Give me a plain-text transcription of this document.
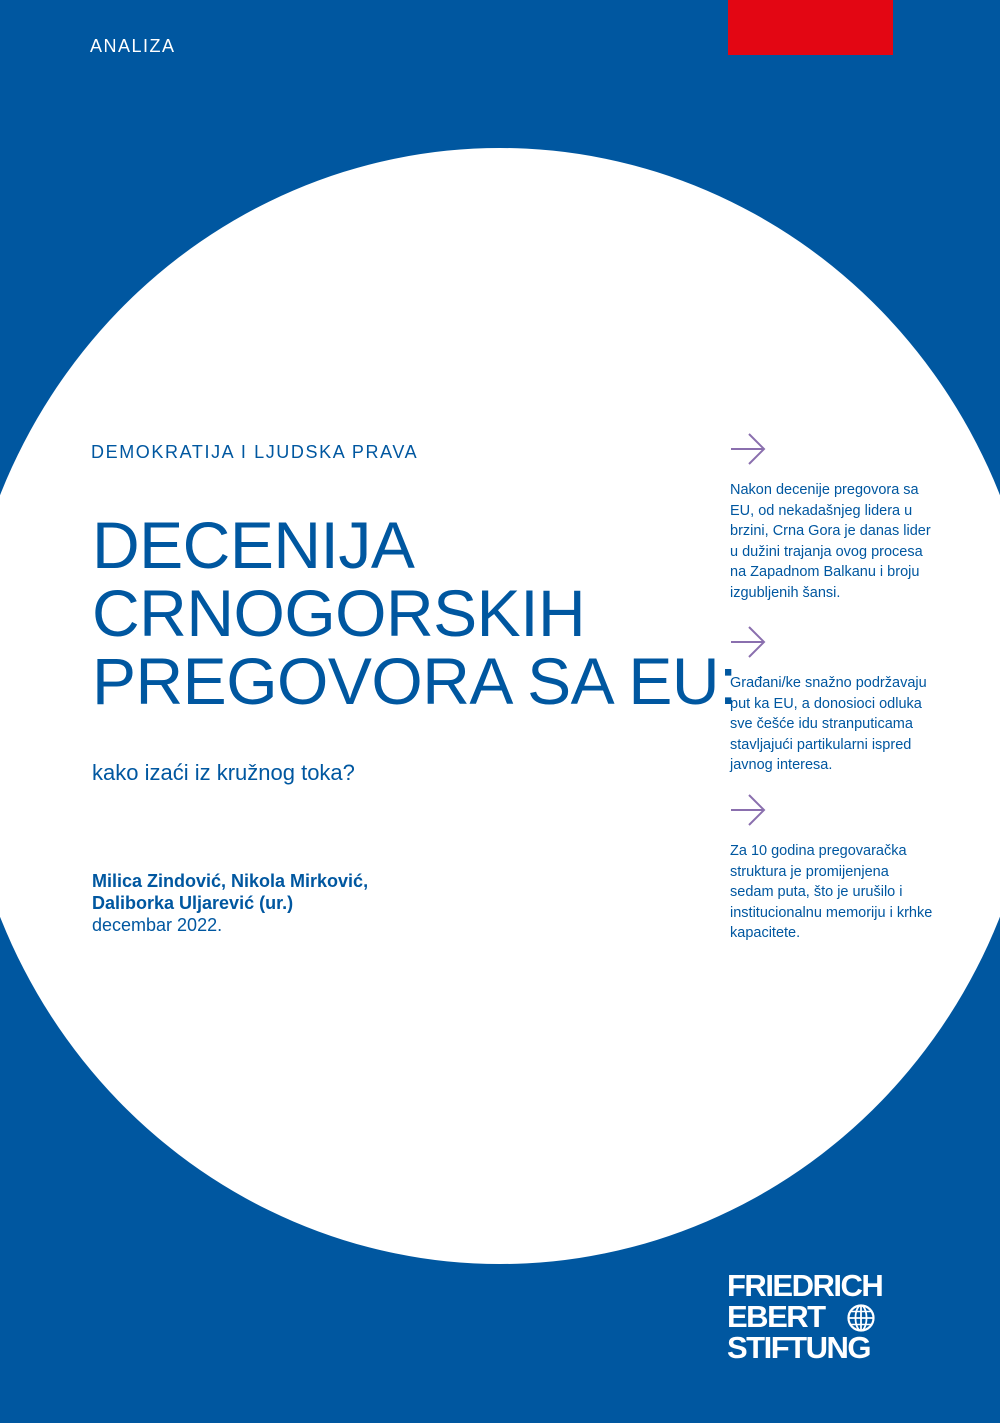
ANALIZA
DEMOKRATIJA I LJUDSKA PRAVA
DECENIJA
CRNOGORSKIH
PREGOVORA SA EU:
kako izaći iz kružnog toka?
Milica Zindović, Nikola Mirković,
Daliborka Uljarević (ur.)
decembar 2022.
Nakon decenije pregovora sa
EU, od nekadašnjeg lidera u
brzini, Crna Gora je danas lider
u dužini trajanja ovog procesa
na Zapadnom Balkanu i broju
izgubljenih šansi.
Građani/ke snažno podržavaju
put ka EU, a donosioci odluka
sve češće idu stranputicama
stavljajući partikularni ispred
javnog interesa.
Za 10 godina pregovaračka
struktura je promijenjena
sedam puta, što je urušilo i
institucionalnu memoriju i krhke
kapacitete.
FRIEDRICH
EBERT
STIFTUNG
